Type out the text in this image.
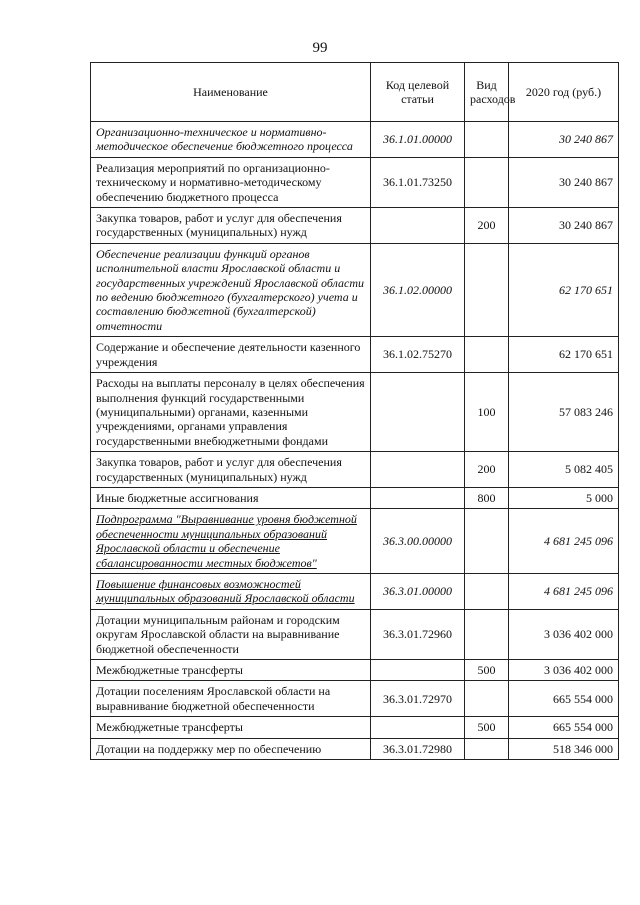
99
Наименование	Код целевой статьи	Вид расходов	2020 год (руб.)
Организационно-техническое и нормативно-методическое обеспечение бюджетного процесса	36.1.01.00000		30 240 867
Реализация мероприятий по организационно-техническому и нормативно-методическому обеспечению бюджетного процесса	36.1.01.73250		30 240 867
Закупка товаров, работ и услуг для обеспечения государственных (муниципальных) нужд		200	30 240 867
Обеспечение реализации функций органов исполнительной власти Ярославской области и государственных учреждений Ярославской области по ведению бюджетного (бухгалтерского) учета и составлению бюджетной (бухгалтерской) отчетности	36.1.02.00000		62 170 651
Содержание и обеспечение деятельности казенного учреждения	36.1.02.75270		62 170 651
Расходы на выплаты персоналу в целях обеспечения выполнения функций государственными (муниципальными) органами, казенными учреждениями, органами управления государственными внебюджетными фондами		100	57 083 246
Закупка товаров, работ и услуг для обеспечения государственных (муниципальных) нужд		200	5 082 405
Иные бюджетные ассигнования		800	5 000
Подпрограмма "Выравнивание уровня бюджетной обеспеченности муниципальных образований Ярославской области и обеспечение сбалансированности местных бюджетов"	36.3.00.00000		4 681 245 096
Повышение финансовых возможностей муниципальных образований Ярославской области	36.3.01.00000		4 681 245 096
Дотации муниципальным районам и городским округам Ярославской области на выравнивание бюджетной обеспеченности	36.3.01.72960		3 036 402 000
Межбюджетные трансферты		500	3 036 402 000
Дотации поселениям Ярославской области на выравнивание бюджетной обеспеченности	36.3.01.72970		665 554 000
Межбюджетные трансферты		500	665 554 000
Дотации на поддержку мер по обеспечению	36.3.01.72980		518 346 000
